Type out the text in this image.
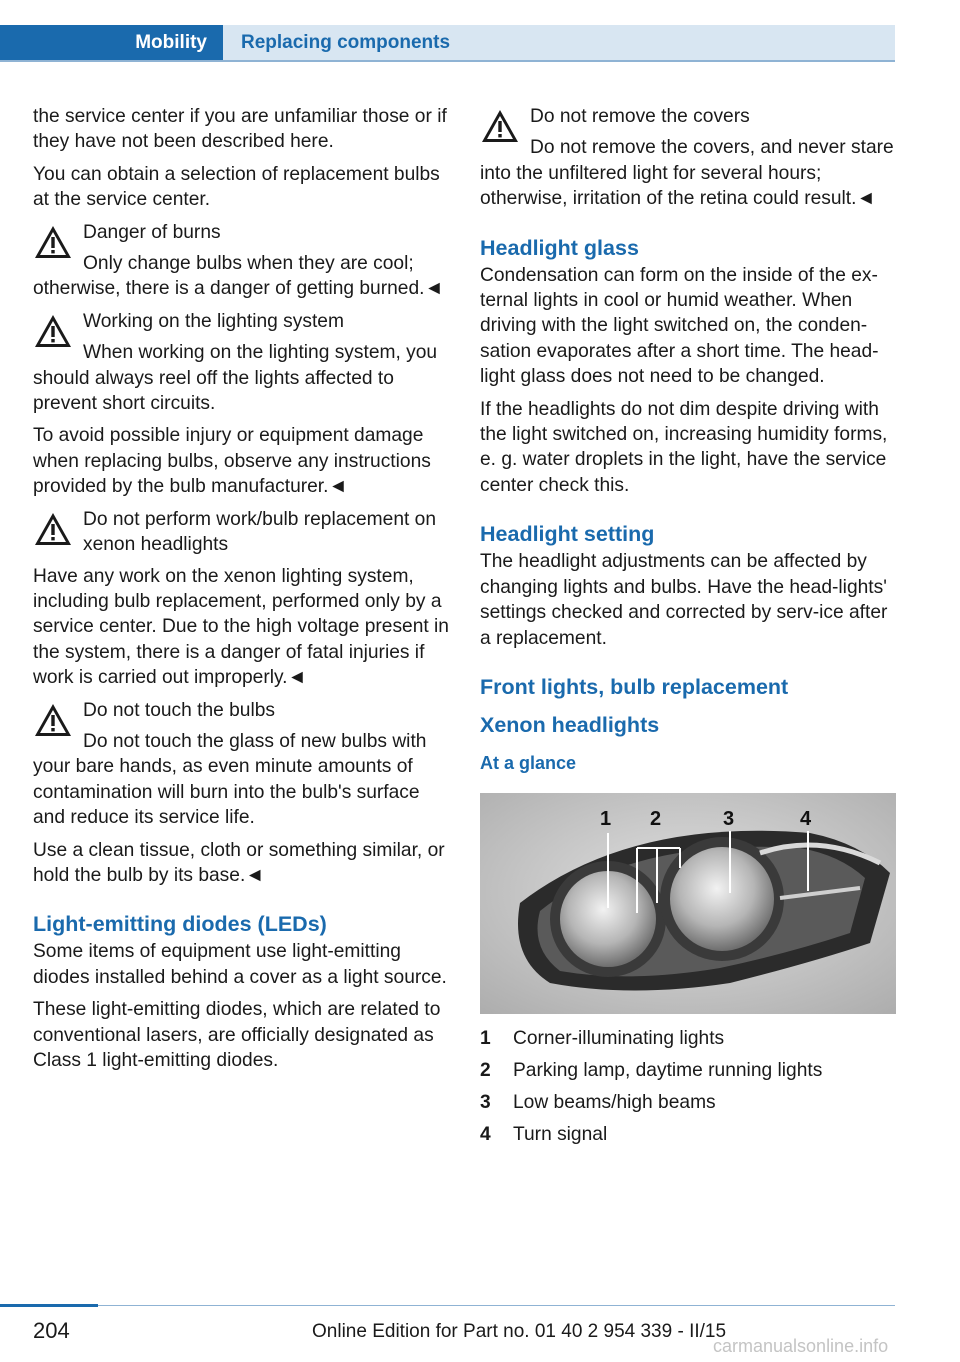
Mobility	Replacing components

the service center if you are unfamiliar those or if they have not been described here.

You can obtain a selection of replacement bulbs at the service center.

Danger of burns

Only change bulbs when they are cool; otherwise, there is a danger of getting burned.◄

Working on the lighting system

When working on the lighting system, you should always reel off the lights affected to prevent short circuits.

To avoid possible injury or equipment damage when replacing bulbs, observe any instructions provided by the bulb manufacturer.◄

Do not perform work/bulb replacement on xenon headlights

Have any work on the xenon lighting system, including bulb replacement, performed only by a service center. Due to the high voltage present in the system, there is a danger of fatal injuries if work is carried out improperly.◄

Do not touch the bulbs

Do not touch the glass of new bulbs with your bare hands, as even minute amounts of contamination will burn into the bulb's surface and reduce its service life.

Use a clean tissue, cloth or something similar, or hold the bulb by its base.◄

Light-emitting diodes (LEDs)

Some items of equipment use light-emitting diodes installed behind a cover as a light source.

These light-emitting diodes, which are related to conventional lasers, are officially designated as Class 1 light-emitting diodes.

Do not remove the covers

Do not remove the covers, and never stare into the unfiltered light for several hours; otherwise, irritation of the retina could result.◄

Headlight glass

Condensation can form on the inside of the ex-ternal lights in cool or humid weather. When driving with the light switched on, the conden-sation evaporates after a short time. The head-light glass does not need to be changed.

If the headlights do not dim despite driving with the light switched on, increasing humidity forms, e. g. water droplets in the light, have the service center check this.

Headlight setting

The headlight adjustments can be affected by changing lights and bulbs. Have the head-lights' settings checked and corrected by serv-ice after a replacement.

Front lights, bulb replacement
Xenon headlights
At a glance
1 2	3	4
1	Corner-illuminating lights
2	Parking lamp, daytime running lights
3	Low beams/high beams
4	Turn signal
204	Online Edition for Part no. 01 40 2 954 339 - II/15
carmanualsonline.info
